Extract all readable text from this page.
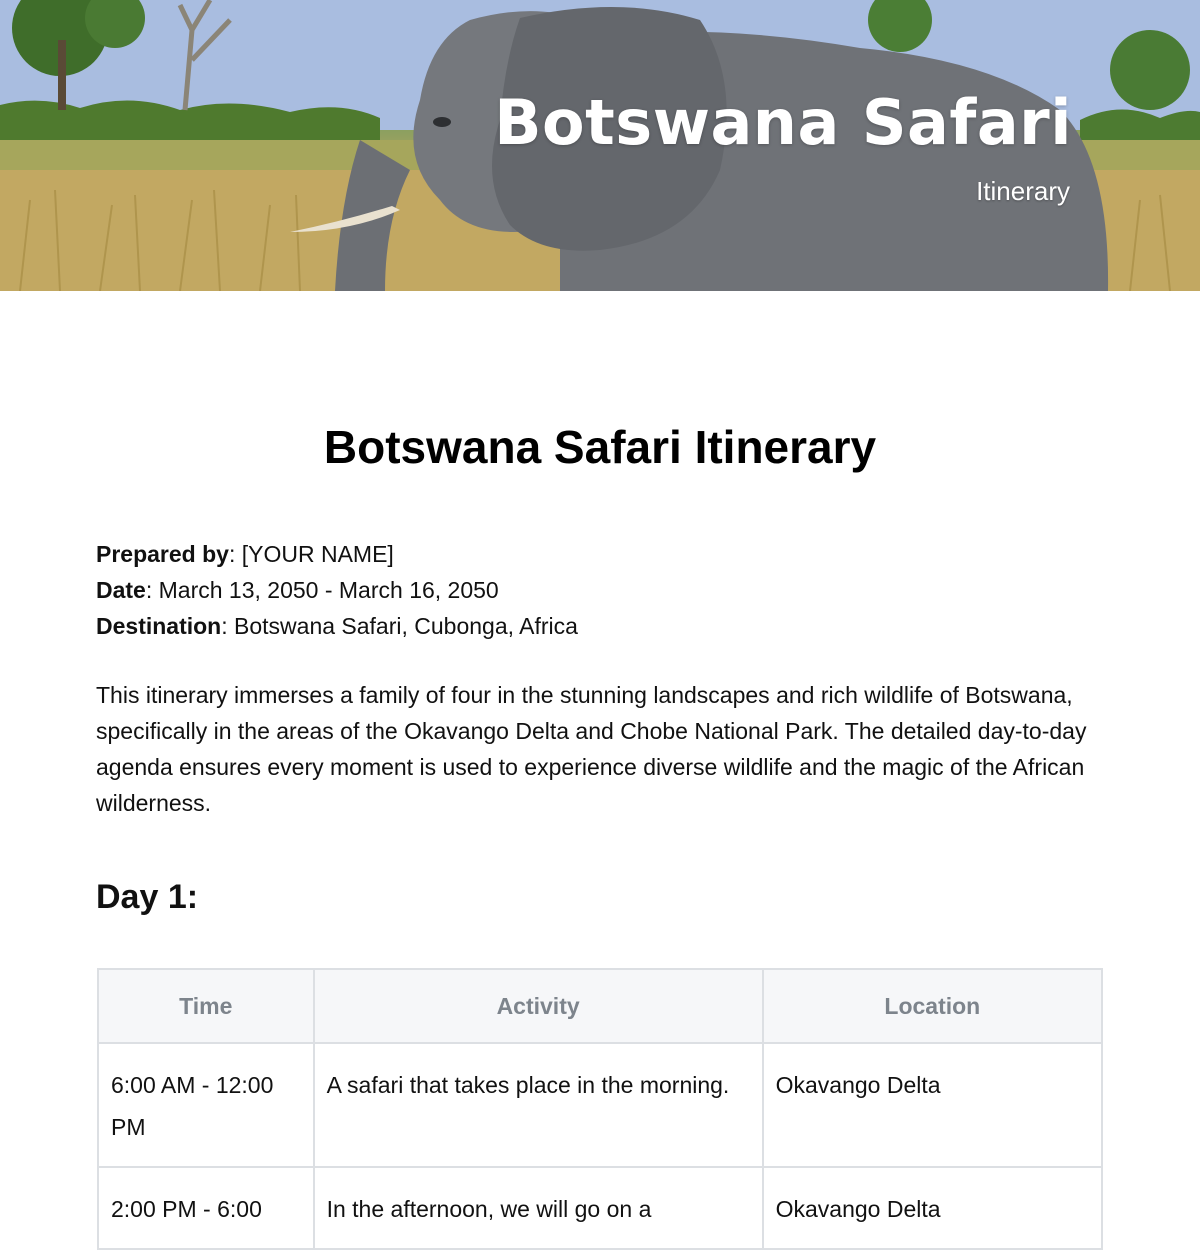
Botswana Safari
Itinerary
Botswana Safari Itinerary
Prepared by: [YOUR NAME]
Date: March 13, 2050 - March 16, 2050
Destination: Botswana Safari, Cubonga, Africa

This itinerary immerses a family of four in the stunning landscapes and rich wildlife of Botswana, specifically in the areas of the Okavango Delta and Chobe National Park. The detailed day-to-day agenda ensures every moment is used to experience diverse wildlife and the magic of the African wilderness.

Day 1:
Time	Activity	Location
6:00 AM - 12:00 PM	A safari that takes place in the morning.	Okavango Delta
2:00 PM - 6:00	In the afternoon, we will go on a	Okavango Delta
